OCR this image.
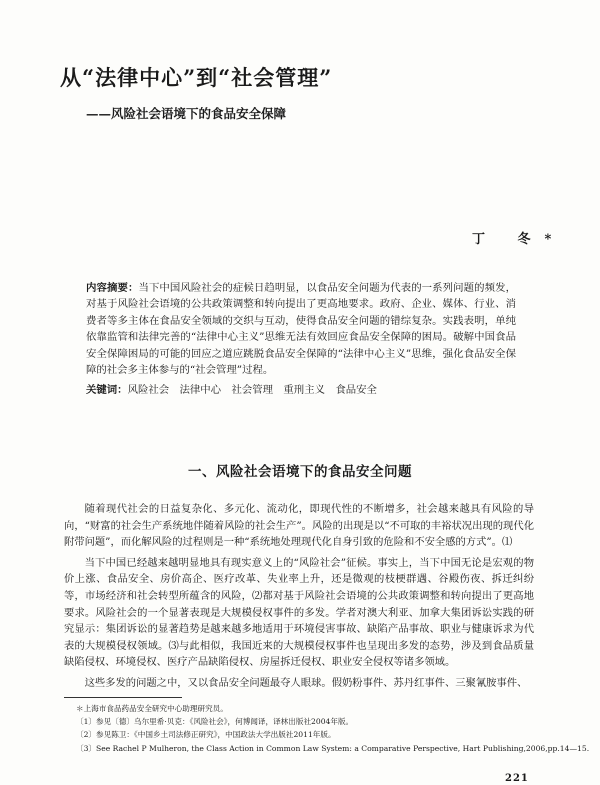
从“法律中心”到“社会管理”
——风险社会语境下的食品安全保障
丁 冬*
内容摘要：当下中国风险社会的症候日趋明显，以食品安全问题为代表的一系列问题的频发，对基于风险社会语境的公共政策调整和转向提出了更高地要求。政府、企业、媒体、行业、消费者等多主体在食品安全领域的交织与互动，使得食品安全问题的错综复杂。实践表明，单纯依靠监管和法律完善的“法律中心主义”思维无法有效回应食品安全保障的困局。破解中国食品安全保障困局的可能的回应之道应跳脱食品安全保障的“法律中心主义”思维，强化食品安全保障的社会多主体参与的“社会管理”过程。
关键词：风险社会　法律中心　社会管理　重刑主义　食品安全
一、风险社会语境下的食品安全问题

随着现代社会的日益复杂化、多元化、流动化，即现代性的不断增多，社会越来越具有风险的导向，“财富的社会生产系统地伴随着风险的社会生产”。风险的出现是以“不可取的丰裕状况出现的现代化附带问题”，而化解风险的过程则是一种“系统地处理现代化自身引致的危险和不安全感的方式”。⑴

当下中国已经越来越明显地具有现实意义上的“风险社会”征候。事实上，当下中国无论是宏观的物价上涨、食品安全、房价高企、医疗改革、失业率上升，还是微观的枝梗群遇、谷殿伤夜、拆迁纠纷等，市场经济和社会转型所蕴含的风险，⑵都对基于风险社会语境的公共政策调整和转向提出了更高地要求。风险社会的一个显著表现是大规模侵权事件的多发。学者对澳大利亚、加拿大集团诉讼实践的研究显示：集团诉讼的显著趋势是越来越多地适用于环境侵害事故、缺陷产品事故、职业与健康诉求为代表的大规模侵权领域。⑶与此相似，我国近来的大规模侵权事件也呈现出多发的态势，涉及到食品质量缺陷侵权、环境侵权、医疗产品缺陷侵权、房屋拆迁侵权、职业安全侵权等诸多领域。

这些多发的问题之中，又以食品安全问题最夺人眼球。假奶粉事件、苏丹红事件、三聚氰胺事件、

＊上海市食品药品安全研究中心助理研究员。
〔1〕参见〔德〕乌尔里希·贝克：《风险社会》，何博闻译，译林出版社2004年版。
〔2〕参见陈卫：《中国乡土司法修正研究》，中国政法大学出版社2011年版。
〔3〕See Rachel P Mulheron, the Class Action in Common Law System: a Comparative Perspective, Hart Publishing,2006,pp.14—15.
221
